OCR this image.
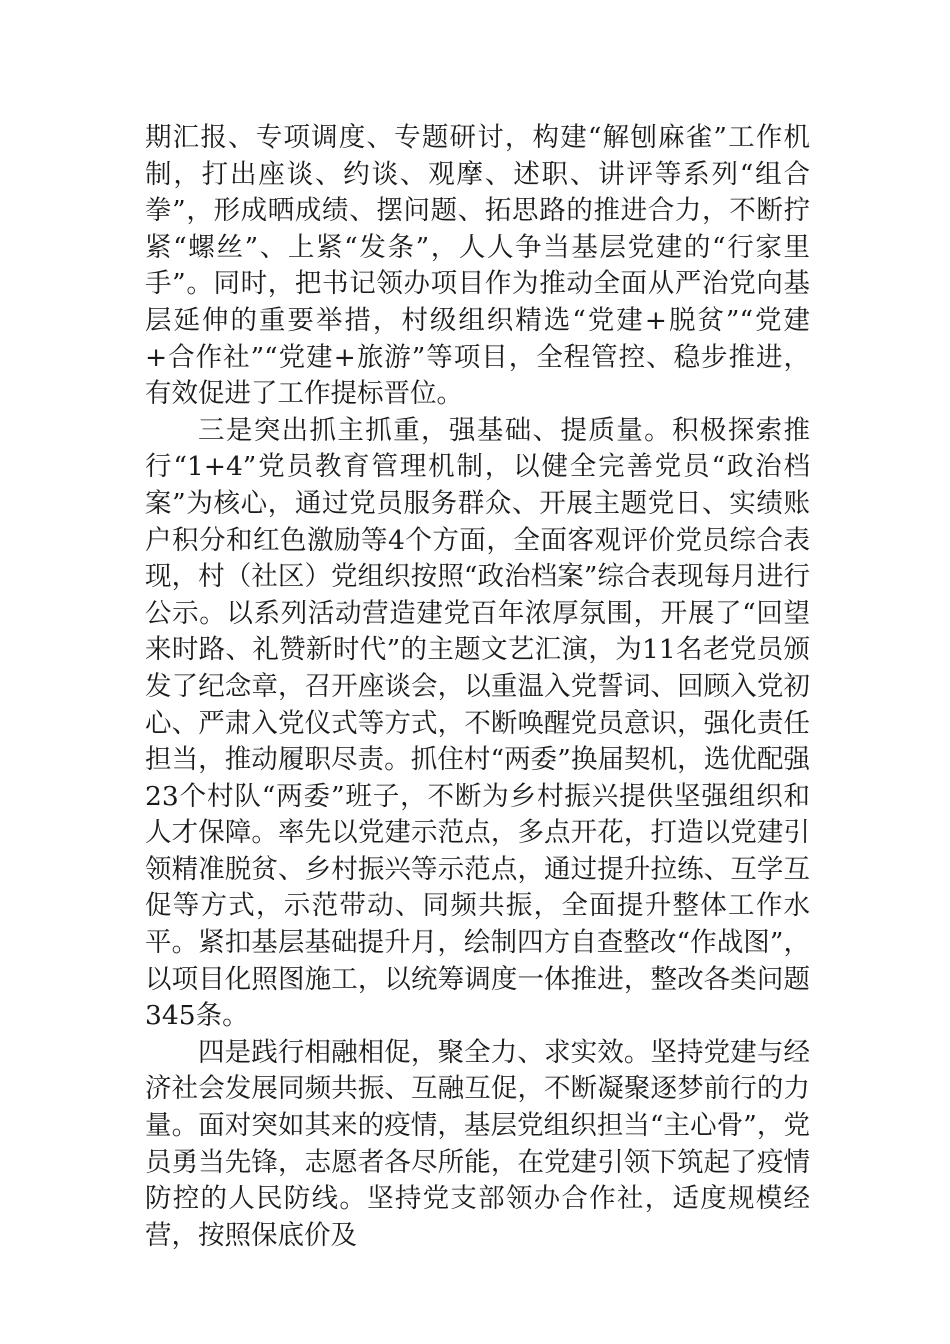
期汇报、专项调度、专题研讨，构建“解刨麻雀”工作机制，打出座谈、约谈、观摩、述职、讲评等系列“组合拳”，形成晒成绩、摆问题、拓思路的推进合力，不断拧紧“螺丝”、上紧“发条”，人人争当基层党建的“行家里手”。同时，把书记领办项目作为推动全面从严治党向基层延伸的重要举措，村级组织精选“党建+脱贫”“党建+合作社”“党建+旅游”等项目，全程管控、稳步推进，有效促进了工作提标晋位。

三是突出抓主抓重，强基础、提质量。积极探索推行“1+4”党员教育管理机制，以健全完善党员“政治档案”为核心，通过党员服务群众、开展主题党日、实绩账户积分和红色激励等4个方面，全面客观评价党员综合表现，村（社区）党组织按照“政治档案”综合表现每月进行公示。以系列活动营造建党百年浓厚氛围，开展了“回望来时路、礼赞新时代”的主题文艺汇演，为11名老党员颁发了纪念章，召开座谈会，以重温入党誓词、回顾入党初心、严肃入党仪式等方式，不断唤醒党员意识，强化责任担当，推动履职尽责。抓住村“两委”换届契机，选优配强23个村队“两委”班子，不断为乡村振兴提供坚强组织和人才保障。率先以党建示范点，多点开花，打造以党建引领精准脱贫、乡村振兴等示范点，通过提升拉练、互学互促等方式，示范带动、同频共振，全面提升整体工作水平。紧扣基层基础提升月，绘制四方自查整改“作战图”，以项目化照图施工，以统筹调度一体推进，整改各类问题345条。

四是践行相融相促，聚全力、求实效。坚持党建与经济社会发展同频共振、互融互促，不断凝聚逐梦前行的力量。面对突如其来的疫情，基层党组织担当“主心骨”，党员勇当先锋，志愿者各尽所能，在党建引领下筑起了疫情防控的人民防线。坚持党支部领办合作社，适度规模经营，按照保底价及
